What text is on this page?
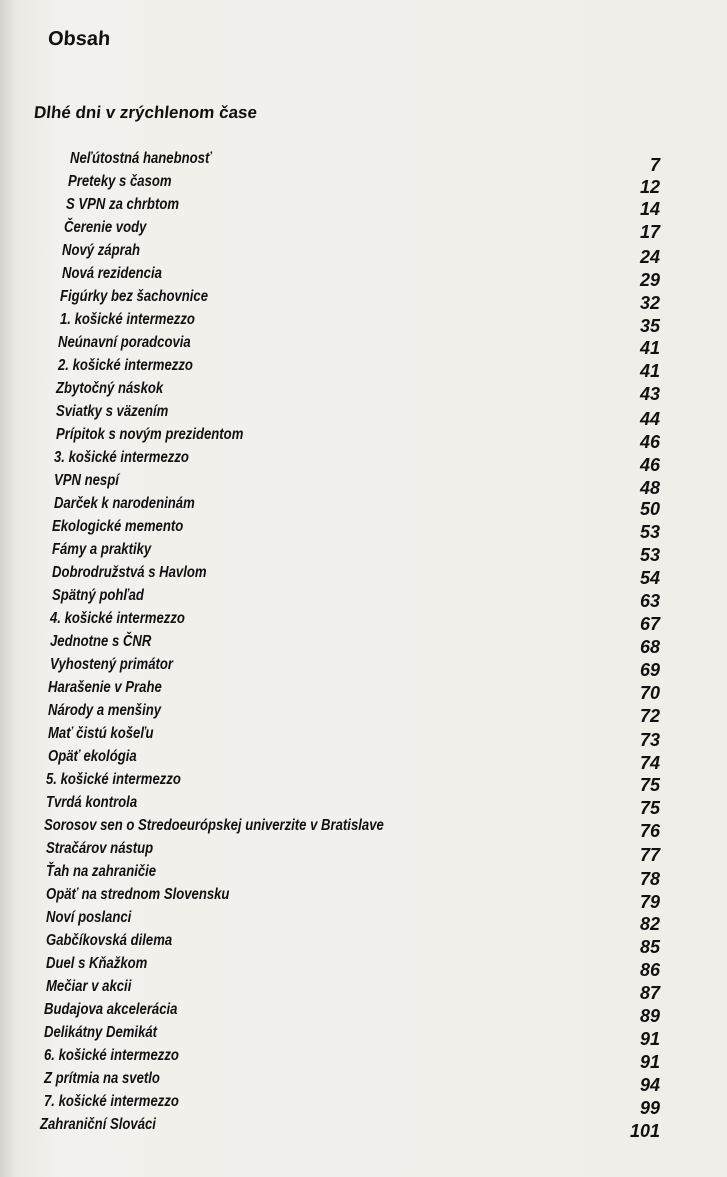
Obsah
Dlhé dni v zrýchlenom čase
Neľútostná hanebnosť	7
Preteky s časom	12
S VPN za chrbtom	14
Čerenie vody	17
Nový záprah	24
Nová rezidencia	29
Figúrky bez šachovnice	32
1. košické intermezzo	35
Neúnavní poradcovia	41
2. košické intermezzo	41
Zbytočný náskok	43
Sviatky s väzením	44
Prípitok s novým prezidentom	46
3. košické intermezzo	46
VPN nespí	48
Darček k narodeninám	50
Ekologické memento	53
Fámy a praktiky	53
Dobrodružstvá s Havlom	54
Spätný pohľad	63
4. košické intermezzo	67
Jednotne s ČNR	68
Vyhostený primátor	69
Harašenie v Prahe	70
Národy a menšiny	72
Mať čistú košeľu	73
Opäť ekológia	74
5. košické intermezzo	75
Tvrdá kontrola	75
Sorosov sen o Stredoeurópskej univerzite v Bratislave	76
Stračárov nástup	77
Ťah na zahraničie	78
Opäť na strednom Slovensku	79
Noví poslanci	82
Gabčíkovská dilema	85
Duel s Kňažkom	86
Mečiar v akcii	87
Budajova akcelerácia	89
Delikátny Demikát	91
6. košické intermezzo	91
Z prítmia na svetlo	94
7. košické intermezzo	99
Zahraniční Slováci	101
